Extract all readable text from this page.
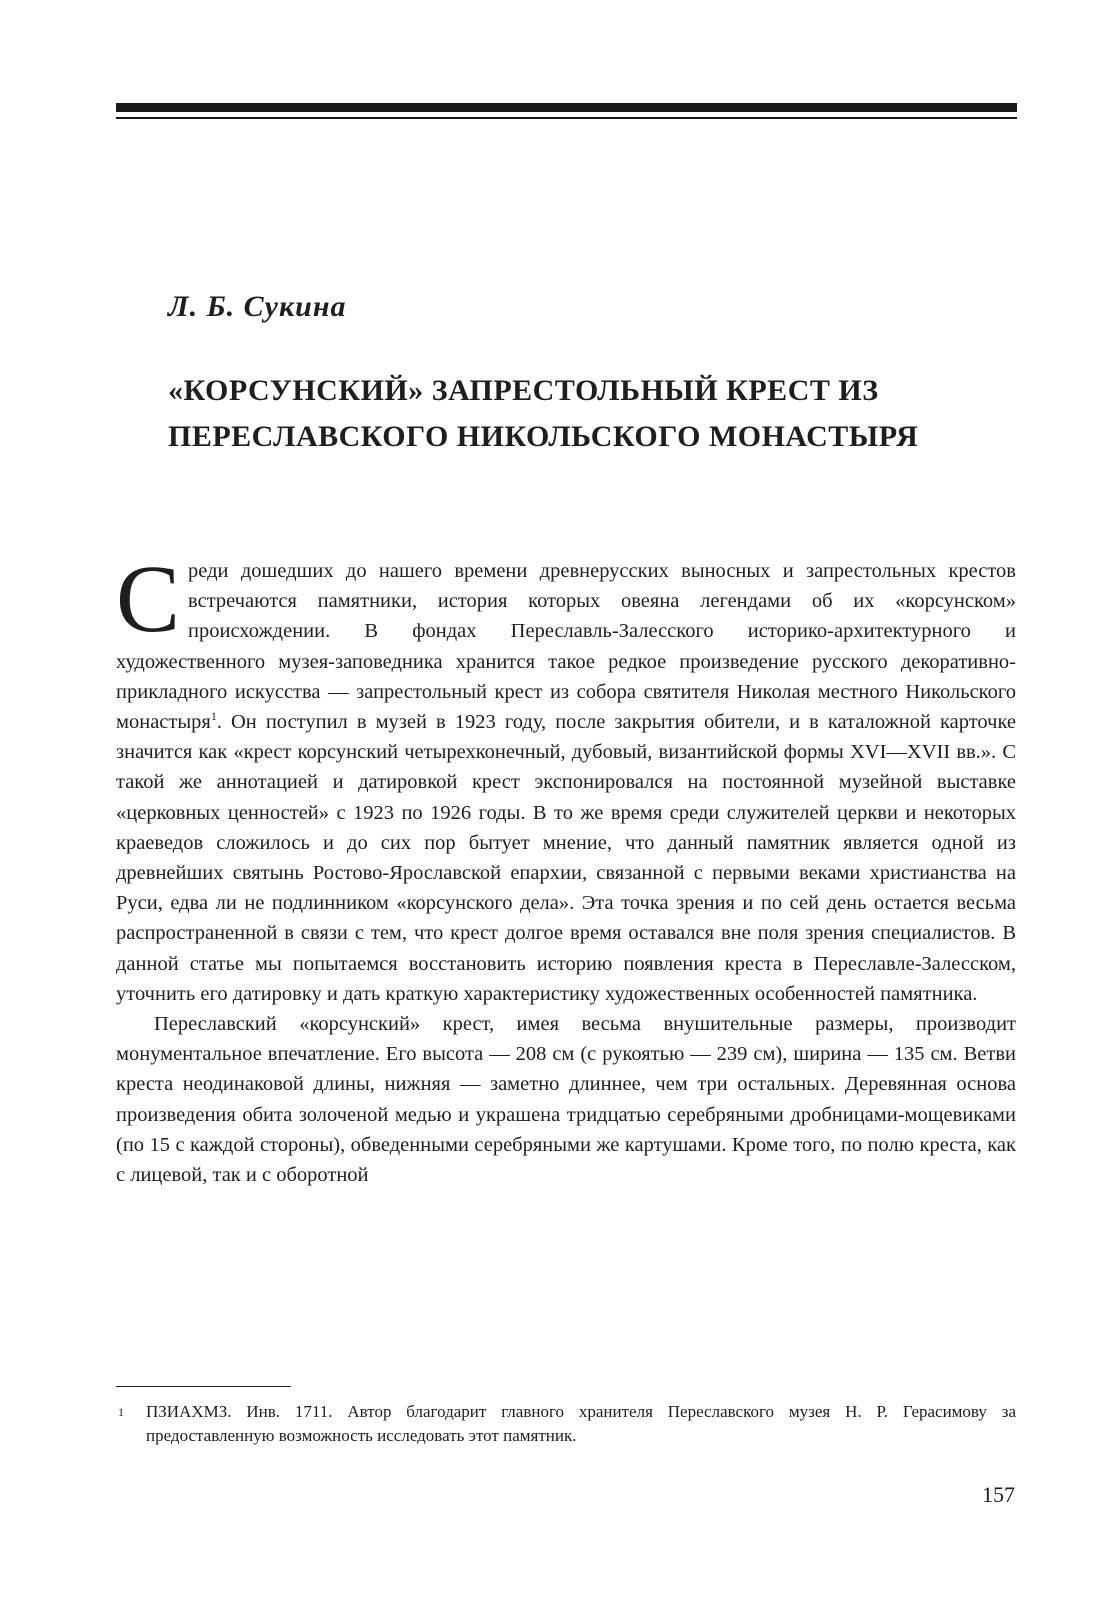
Л. Б. Сукина
«КОРСУНСКИЙ» ЗАПРЕСТОЛЬНЫЙ КРЕСТ ИЗ ПЕРЕСЛАВСКОГО НИКОЛЬСКОГО МОНАСТЫРЯ

Среди дошедших до нашего времени древнерусских выносных и запрестольных крестов встречаются памятники, история которых овеяна легендами об их «корсунском» происхождении. В фондах Переславль-Залесского историко-архитектурного и художественного музея-заповедника хранится такое редкое произведение русского декоративно-прикладного искусства — запрестольный крест из собора святителя Николая местного Никольского монастыря$^1$. Он поступил в музей в 1923 году, после закрытия обители, и в каталожной карточке значится как «крест корсунский четырехконечный, дубовый, византийской формы XVI—XVII вв.». С такой же аннотацией и датировкой крест экспонировался на постоянной музейной выставке «церковных ценностей» с 1923 по 1926 годы. В то же время среди служителей церкви и некоторых краеведов сложилось и до сих пор бытует мнение, что данный памятник является одной из древнейших святынь Ростово-Ярославской епархии, связанной с первыми веками христианства на Руси, едва ли не подлинником «корсунского дела». Эта точка зрения и по сей день остается весьма распространенной в связи с тем, что крест долгое время оставался вне поля зрения специалистов. В данной статье мы попытаемся восстановить историю появления креста в Переславле-Залесском, уточнить его датировку и дать краткую характеристику художественных особенностей памятника.

Переславский «корсунский» крест, имея весьма внушительные размеры, производит монументальное впечатление. Его высота — 208 см (с рукоятью — 239 см), ширина — 135 см. Ветви креста неодинаковой длины, нижняя — заметно длиннее, чем три остальных. Деревянная основа произведения обита золоченой медью и украшена тридцатью серебряными дробницами-мощевиками (по 15 с каждой стороны), обведенными серебряными же картушами. Кроме того, по полю креста, как с лицевой, так и с оборотной

1	ПЗИАХМЗ. Инв. 1711. Автор благодарит главного хранителя Переславского музея Н. Р. Герасимову за предоставленную возможность исследовать этот памятник.
157
